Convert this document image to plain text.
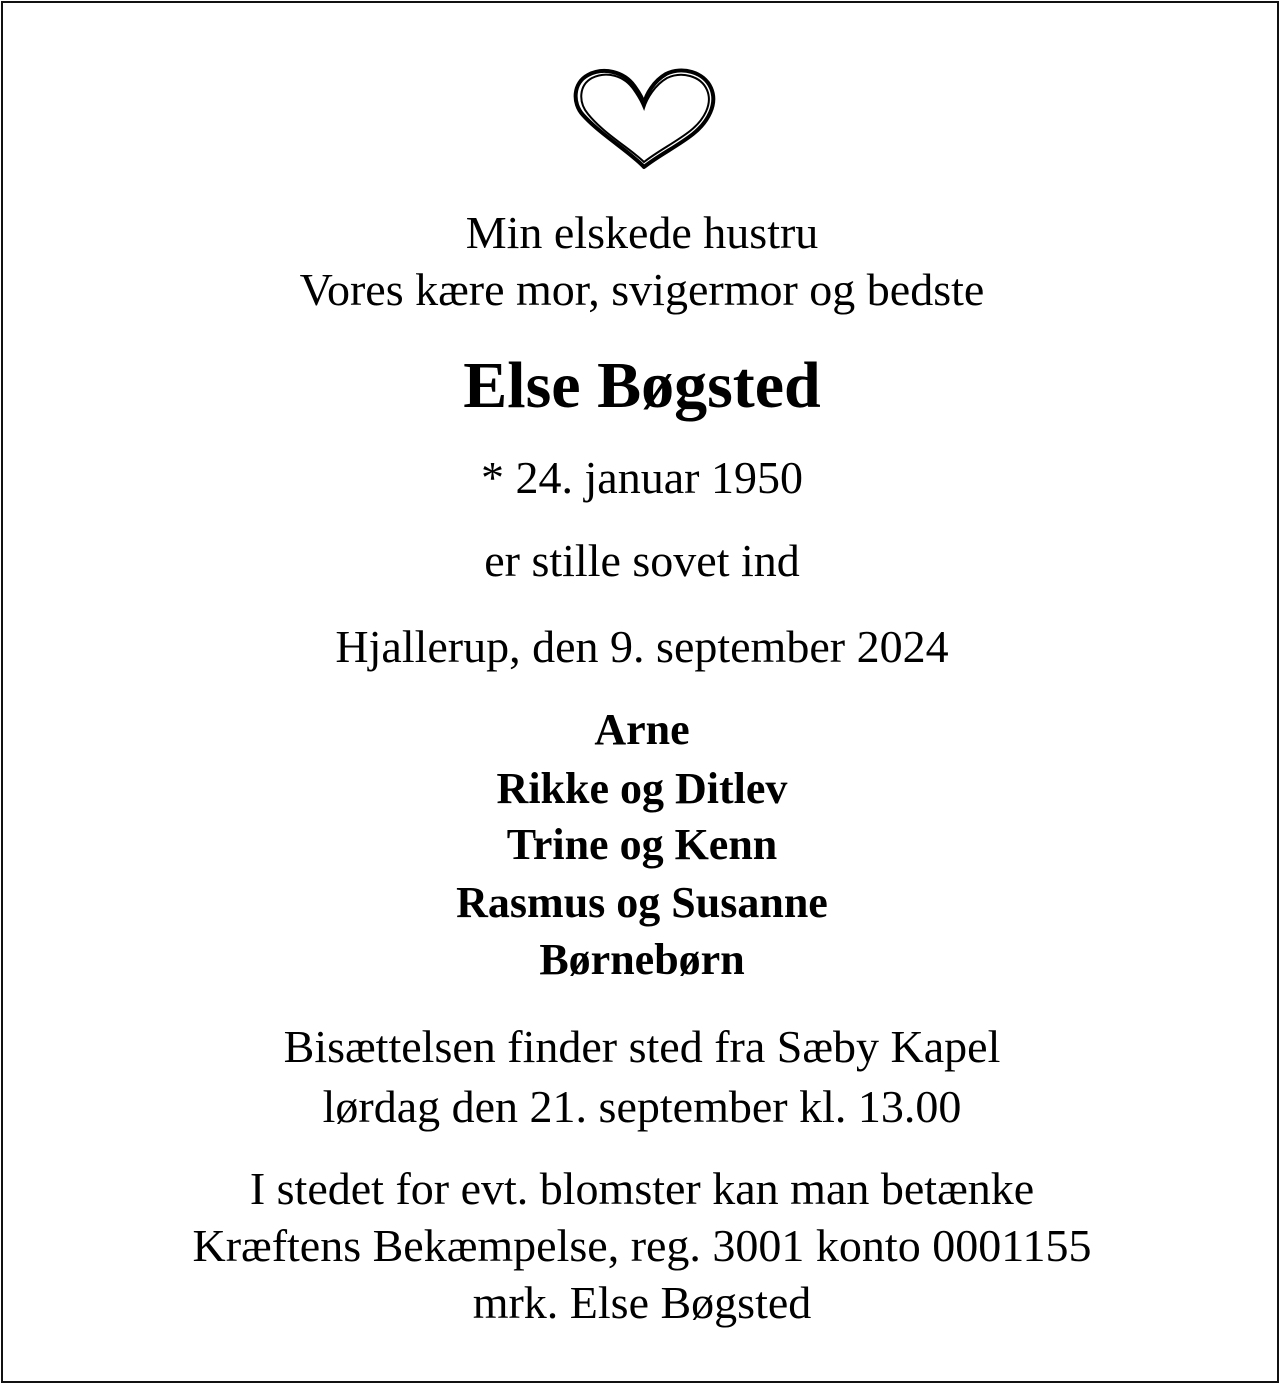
Min elskede hustru
Vores kære mor, svigermor og bedste
Else Bøgsted
* 24. januar 1950
er stille sovet ind
Hjallerup, den 9. september 2024
Arne
Rikke og Ditlev
Trine og Kenn
Rasmus og Susanne
Børnebørn
Bisættelsen finder sted fra Sæby Kapel
lørdag den 21. september kl. 13.00
I stedet for evt. blomster kan man betænke
Kræftens Bekæmpelse, reg. 3001 konto 0001155
mrk. Else Bøgsted
